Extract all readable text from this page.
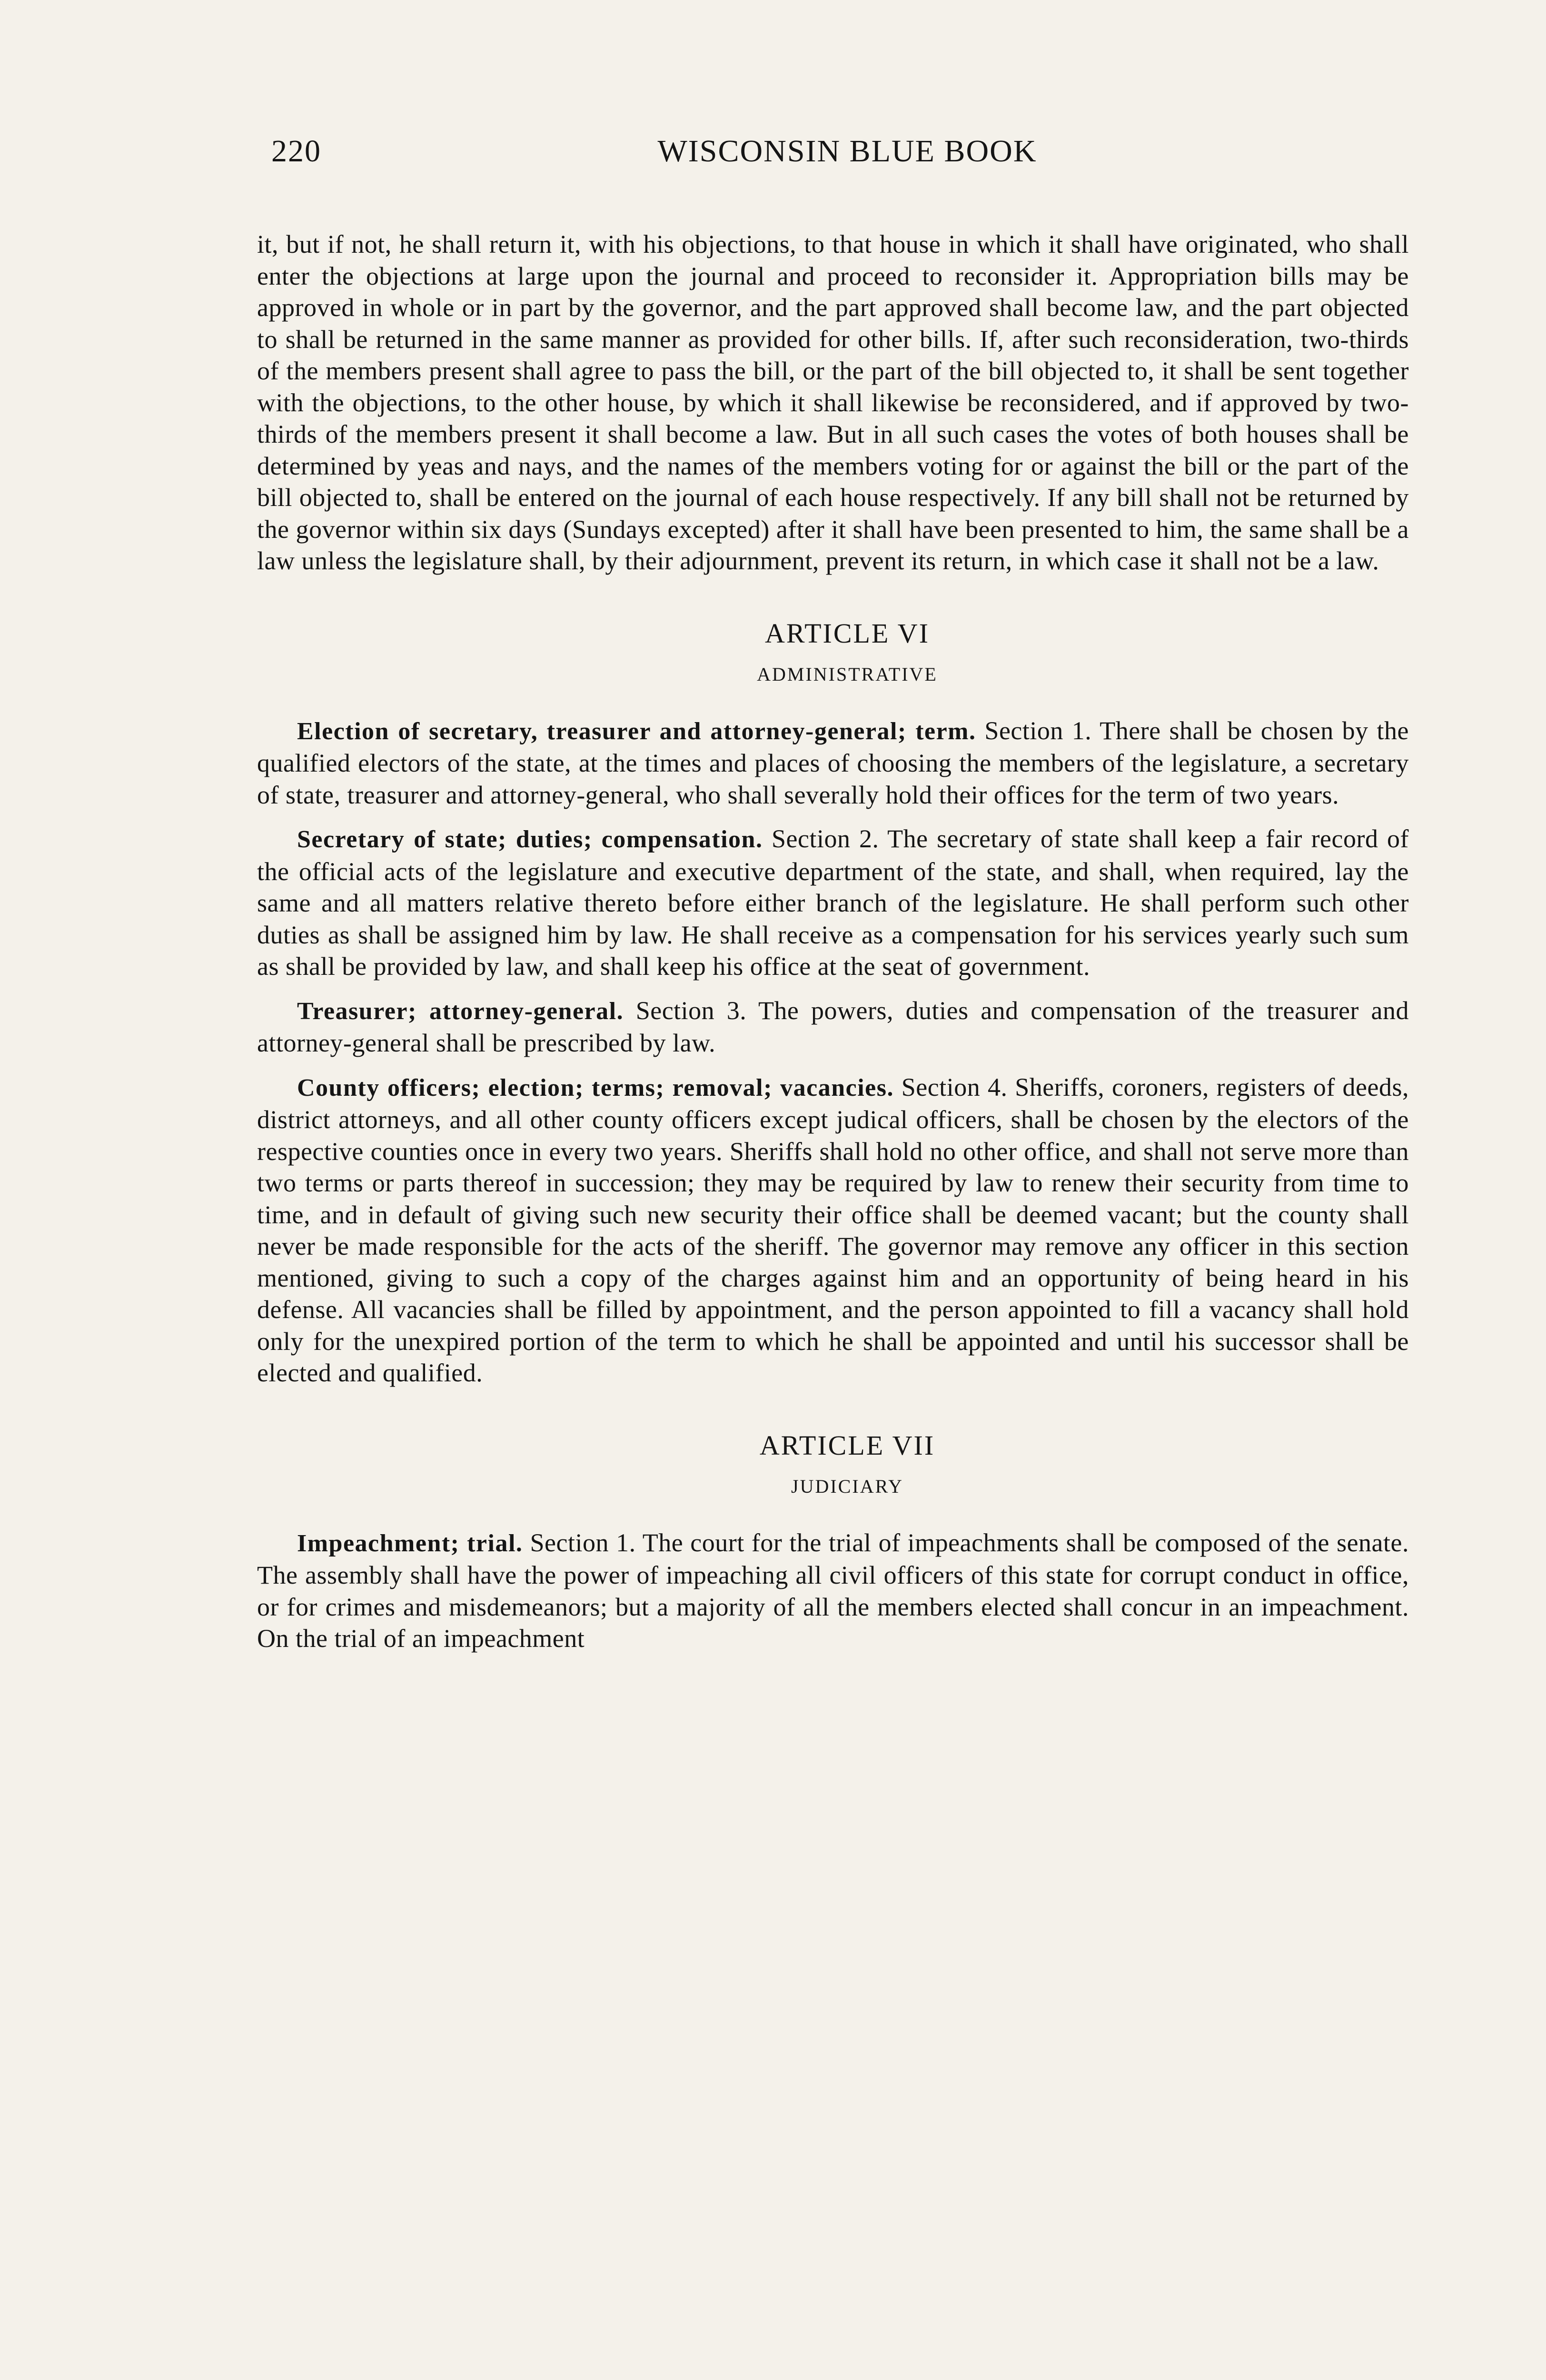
220	WISCONSIN BLUE BOOK

it, but if not, he shall return it, with his objections, to that house in which it shall have originated, who shall enter the objections at large upon the journal and proceed to reconsider it. Appropriation bills may be approved in whole or in part by the governor, and the part approved shall become law, and the part objected to shall be returned in the same manner as provided for other bills. If, after such reconsideration, two-thirds of the members present shall agree to pass the bill, or the part of the bill objected to, it shall be sent together with the objections, to the other house, by which it shall likewise be reconsidered, and if approved by two-thirds of the members present it shall become a law. But in all such cases the votes of both houses shall be determined by yeas and nays, and the names of the members voting for or against the bill or the part of the bill objected to, shall be entered on the journal of each house respectively. If any bill shall not be returned by the governor within six days (Sundays excepted) after it shall have been presented to him, the same shall be a law unless the legislature shall, by their adjournment, prevent its return, in which case it shall not be a law.

ARTICLE VI
ADMINISTRATIVE

Election of secretary, treasurer and attorney-general; term. Section 1. There shall be chosen by the qualified electors of the state, at the times and places of choosing the members of the legislature, a secretary of state, treasurer and attorney-general, who shall severally hold their offices for the term of two years.

Secretary of state; duties; compensation. Section 2. The secretary of state shall keep a fair record of the official acts of the legislature and executive department of the state, and shall, when required, lay the same and all matters relative thereto before either branch of the legislature. He shall perform such other duties as shall be assigned him by law. He shall receive as a compensation for his services yearly such sum as shall be provided by law, and shall keep his office at the seat of government.

Treasurer; attorney-general. Section 3. The powers, duties and compensation of the treasurer and attorney-general shall be prescribed by law.

County officers; election; terms; removal; vacancies. Section 4. Sheriffs, coroners, registers of deeds, district attorneys, and all other county officers except judical officers, shall be chosen by the electors of the respective counties once in every two years. Sheriffs shall hold no other office, and shall not serve more than two terms or parts thereof in succession; they may be required by law to renew their security from time to time, and in default of giving such new security their office shall be deemed vacant; but the county shall never be made responsible for the acts of the sheriff. The governor may remove any officer in this section mentioned, giving to such a copy of the charges against him and an opportunity of being heard in his defense. All vacancies shall be filled by appointment, and the person appointed to fill a vacancy shall hold only for the unexpired portion of the term to which he shall be appointed and until his successor shall be elected and qualified.

ARTICLE VII
JUDICIARY

Impeachment; trial. Section 1. The court for the trial of impeachments shall be composed of the senate. The assembly shall have the power of impeaching all civil officers of this state for corrupt conduct in office, or for crimes and misdemeanors; but a majority of all the members elected shall concur in an impeachment. On the trial of an impeachment
